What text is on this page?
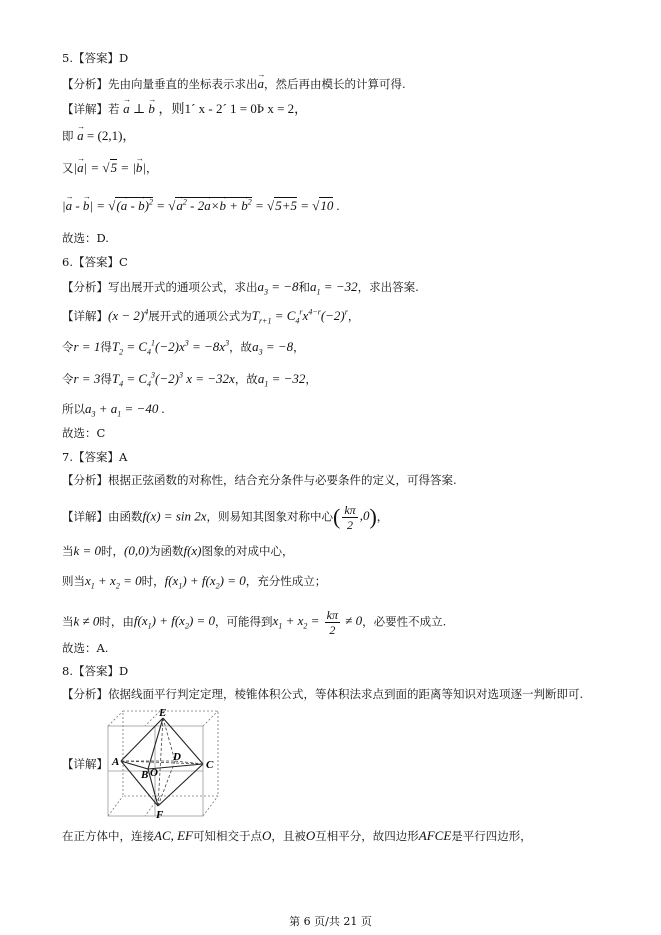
5.【答案】D
【分析】先由向量垂直的坐标表示求出→ a，然后再由模长的计算可得.
【详解】若 → a ⊥ → b ，则1´ x - 2´ 1 = 0Þ x = 2，
即 → a = (2,1)，
又|→ a| = √5 = |→ b|，
|→ a - → b| = √(→ a - → b)$^2$ = √→ $a^2 - 2\to a\times\to b$ + → $b^2 = √5+5 = √10$ .
故选：D.
6.【答案】C
【分析】写出展开式的通项公式，求出$a_3 = -8$和$a_1 = -32$，求出答案.
【详解】$(x - 2)^4$展开式的通项公式为$T_{r+1} = C_4^rx^{4-r}(-2)^r$，
令r = 1得$T_2 = C_4^1(-2)x^3 = -8x^3$，故$a_3 = -8$，
令r = 3得$T_4 = C_4^3(-2)^3$ x = −32x，故$a_1 = -32$，
所以$a_3 + a_1 = -40$ .
故选：C
7.【答案】A
【分析】根据正弦函数的对称性，结合充分条件与必要条件的定义，可得答案.
【详解】由函数f(x) = sin 2x，则易知其图象对称中心( $\frac{k\pi}{2} ,0$)，
当k = 0时，(0,0)为函数f(x)图象的对成中心，
则当$x_1 + x_2 = 0$时，$f(x_1) + f(x_2) = 0$，充分性成立；
当k ≠ 0时，由$f(x_1) + f(x_2) = 0$，可能得到$x_1 + x_2 = \frac{k\pi}{2} \ne 0$，必要性不成立.
故选：A.
8.【答案】D
【分析】依据线面平行判定定理，棱锥体积公式，等体积法求点到面的距离等知识对选项逐一判断即可.
【详解】
E
A
B O
D
C
F
在正方体中，连接AC, EF可知相交于点O，且被O互相平分，故四边形AFCE是平行四边形，
第 6 页/共 21 页
